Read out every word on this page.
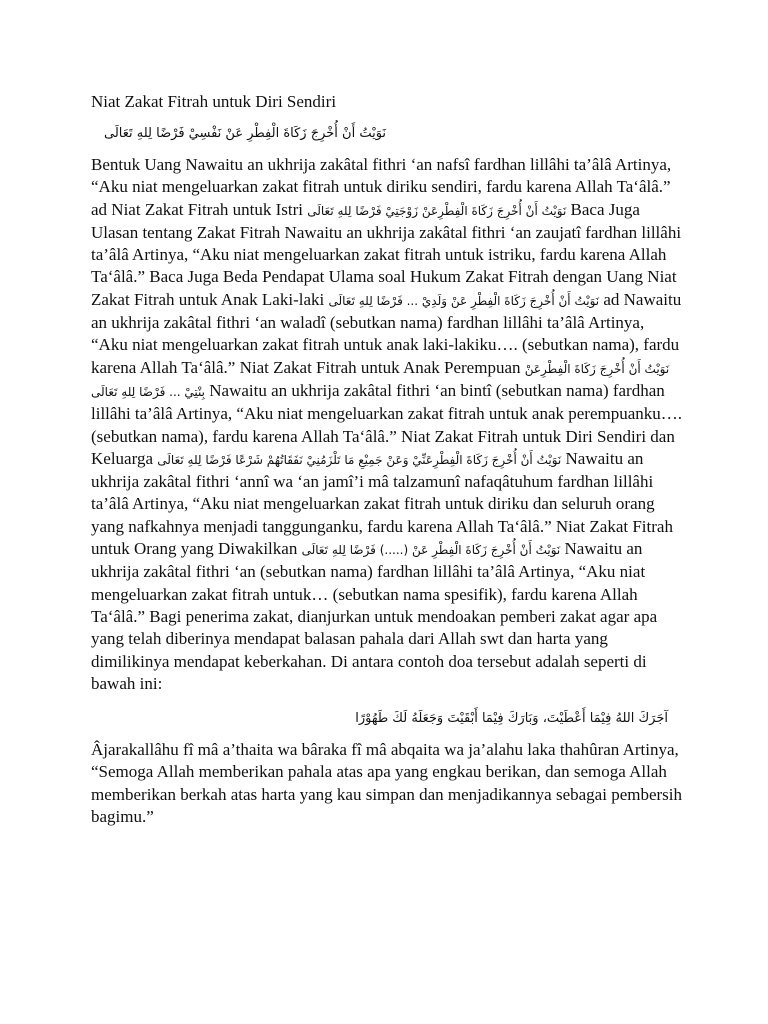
Niat Zakat Fitrah untuk Diri Sendiri
نَوَيْتُ أَنْ أُخْرِجَ زَكَاةَ الْفِطْرِ عَنْ نَفْسِيْ فَرْضًا لِلهِ تَعَالَى
Bentuk Uang Nawaitu an ukhrija zakâtal fithri ‘an nafsî fardhan lillâhi ta’âlâ Artinya, “Aku niat mengeluarkan zakat fitrah untuk diriku sendiri, fardu karena Allah Ta‘âlâ.” ad Niat Zakat Fitrah untuk Istri نَوَيْتُ أَنْ أُخْرِجَ زَكَاةَ الْفِطْرِعَنْ زَوْجَتِيْ فَرْضًا لِلهِ تَعَالَى Baca Juga Ulasan tentang Zakat Fitrah Nawaitu an ukhrija zakâtal fithri ‘an zaujatî fardhan lillâhi ta’âlâ Artinya, “Aku niat mengeluarkan zakat fitrah untuk istriku, fardu karena Allah Ta‘âlâ.” Baca Juga Beda Pendapat Ulama soal Hukum Zakat Fitrah dengan Uang Niat Zakat Fitrah untuk Anak Laki-laki نَوَيْتُ أَنْ أُخْرِجَ زَكَاةَ الْفِطْرِ عَنْ وَلَدِيْ ... فَرْضًا لِلهِ تَعَالَى ad Nawaitu an ukhrija zakâtal fithri ‘an waladî (sebutkan nama) fardhan lillâhi ta’âlâ Artinya, “Aku niat mengeluarkan zakat fitrah untuk anak laki-lakiku…. (sebutkan nama), fardu karena Allah Ta‘âlâ.” Niat Zakat Fitrah untuk Anak Perempuan نَوَيْتُ أَنْ أُخْرِجَ زَكَاةَ الْفِطْرِعَنْ بِنْتِيْ ... فَرْضًا لِلهِ تَعَالَى Nawaitu an ukhrija zakâtal fithri ‘an bintî (sebutkan nama) fardhan lillâhi ta’âlâ Artinya, “Aku niat mengeluarkan zakat fitrah untuk anak perempuanku…. (sebutkan nama), fardu karena Allah Ta‘âlâ.” Niat Zakat Fitrah untuk Diri Sendiri dan Keluarga نَوَيْتُ أَنْ أُخْرِجَ زَكَاةَ الْفِطْرِعَنِّيْ وَعَنْ جَمِيْعِ مَا تَلْزَمُنِيْ نَفَقَاتُهُمْ شَرْعًا فَرْضًا لِلهِ تَعَالَى Nawaitu an ukhrija zakâtal fithri ‘annî wa ‘an jamî’i mâ talzamunî nafaqâtuhum fardhan lillâhi ta’âlâ Artinya, “Aku niat mengeluarkan zakat fitrah untuk diriku dan seluruh orang yang nafkahnya menjadi tanggunganku, fardu karena Allah Ta‘âlâ.” Niat Zakat Fitrah untuk Orang yang Diwakilkan نَوَيْتُ أَنْ أُخْرِجَ زَكَاةَ الْفِطْرِ عَنْ (.....) فَرْضًا لِلهِ تَعَالَى Nawaitu an ukhrija zakâtal fithri ‘an (sebutkan nama) fardhan lillâhi ta’âlâ Artinya, “Aku niat mengeluarkan zakat fitrah untuk… (sebutkan nama spesifik), fardu karena Allah Ta‘âlâ.” Bagi penerima zakat, dianjurkan untuk mendoakan pemberi zakat agar apa yang telah diberinya mendapat balasan pahala dari Allah swt dan harta yang dimilikinya mendapat keberkahan. Di antara contoh doa tersebut adalah seperti di bawah ini:
آجَرَكَ اللهُ فِيْمَا أَعْطَيْتَ، وَبَارَكَ فِيْمَا أَبْقَيْتَ وَجَعَلَهُ لَكَ طَهُوْرًا
Âjarakallâhu fî mâ a’thaita wa bâraka fî mâ abqaita wa ja’alahu laka thahûran Artinya, “Semoga Allah memberikan pahala atas apa yang engkau berikan, dan semoga Allah memberikan berkah atas harta yang kau simpan dan menjadikannya sebagai pembersih bagimu.”
